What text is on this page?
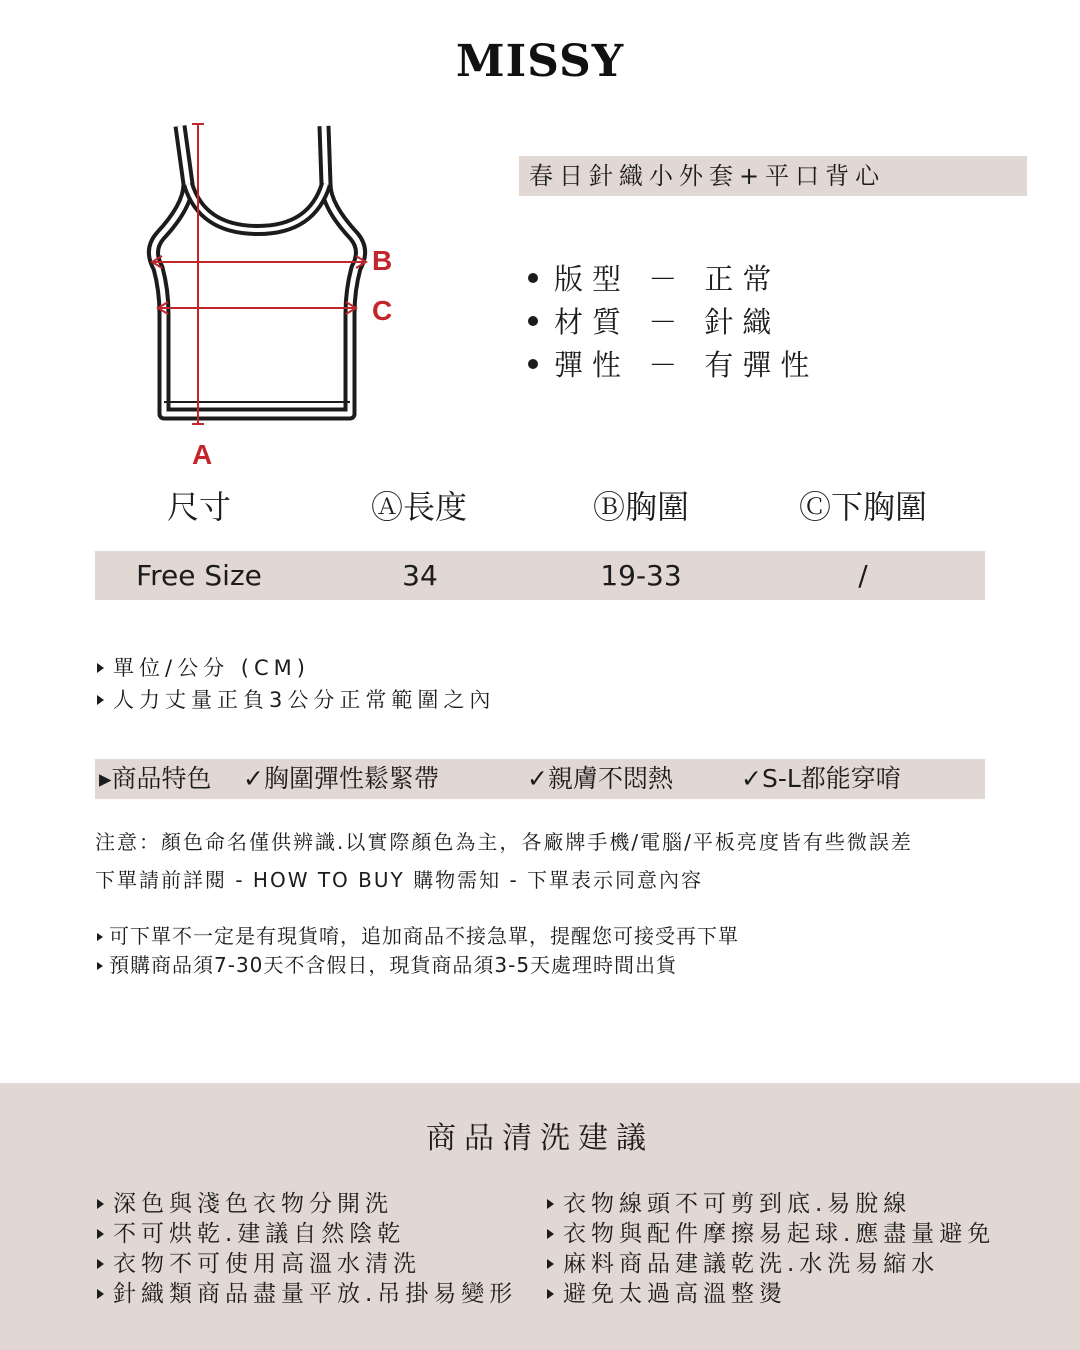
MISSY
B
C
A
春日針織小外套+平口背心
版型 － 正常
材質 － 針織
彈性 － 有彈性
尺寸	Ⓐ長度	Ⓑ胸圍	Ⓒ下胸圍
Free Size	34	19-33	/
單位/公分 (CM)
人力丈量正負3公分正常範圍之內
▸商品特色 ✓胸圍彈性鬆緊帶	✓親膚不悶熱	✓S-L都能穿唷
注意：顏色命名僅供辨識.以實際顏色為主，各廠牌手機/電腦/平板亮度皆有些微誤差
下單請前詳閱 - HOW TO BUY 購物需知 - 下單表示同意內容
可下單不一定是有現貨唷，追加商品不接急單，提醒您可接受再下單
預購商品須7-30天不含假日，現貨商品須3-5天處理時間出貨
商品清洗建議
深色與淺色衣物分開洗
不可烘乾.建議自然陰乾
衣物不可使用高溫水清洗
針織類商品盡量平放.吊掛易變形
衣物線頭不可剪到底.易脫線
衣物與配件摩擦易起球.應盡量避免
麻料商品建議乾洗.水洗易縮水
避免太過高溫整燙
